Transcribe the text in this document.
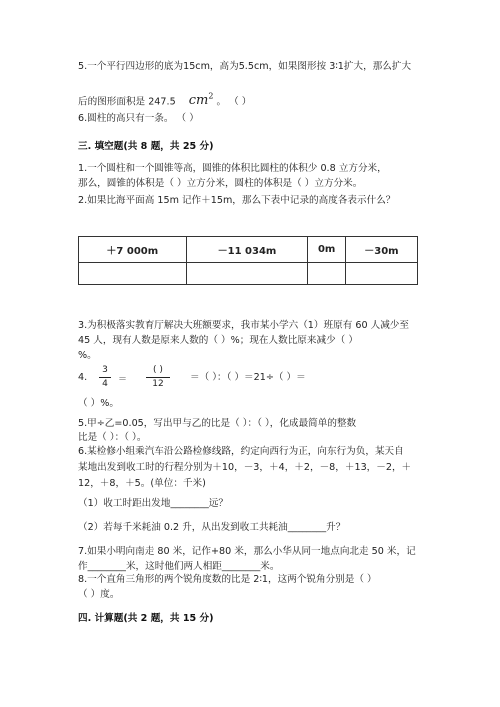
5.一个平行四边形的底为15cm，高为5.5cm，如果图形按 3∶1扩大，那么扩大
后的图形面积是 247.5 $cm^2$ 。 （ ）
6.圆柱的高只有一条。 （ ）
三. 填空题(共 8 题，共 25 分)
1.一个圆柱和一个圆锥等高，圆锥的体积比圆柱的体积少 0.8 立方分米，
那么，圆锥的体积是（ ）立方分米，圆柱的体积是（ ）立方分米。
2.如果比海平面高 15m 记作＋15m，那么下表中记录的高度各表示什么？
＋7 000m	－11 034m	0m	－30m

3.为积极落实教育厅解决大班额要求，我市某小学六（1）班原有 60 人减少至
45 人，现有人数是原来人数的（ ）%；现在人数比原来减少（ ）
%。
4.
3
4	＝
( )
12
＝（ ）：（ ）＝21÷（ ）＝
（ ）%。
5.甲÷乙=0.05，写出甲与乙的比是（ ）：（ ），化成最简单的整数
比是（ ）：（ ）。
6.某检修小组乘汽车沿公路检修线路，约定向西行为正，向东行为负，某天自
某地出发到收工时的行程分别为＋10，－3，＋4，＋2，－8，＋13，－2，＋
12，＋8，＋5。(单位：千米)
（1）收工时距出发地________远？
（2）若每千米耗油 0.2 升，从出发到收工共耗油________升？
7.如果小明向南走 80 米，记作+80 米，那么小华从同一地点向北走 50 米，记
作________米，这时他们两人相距________米。
8.一个直角三角形的两个锐角度数的比是 2∶1，这两个锐角分别是（ ）
（ ）度。
四. 计算题(共 2 题，共 15 分)
